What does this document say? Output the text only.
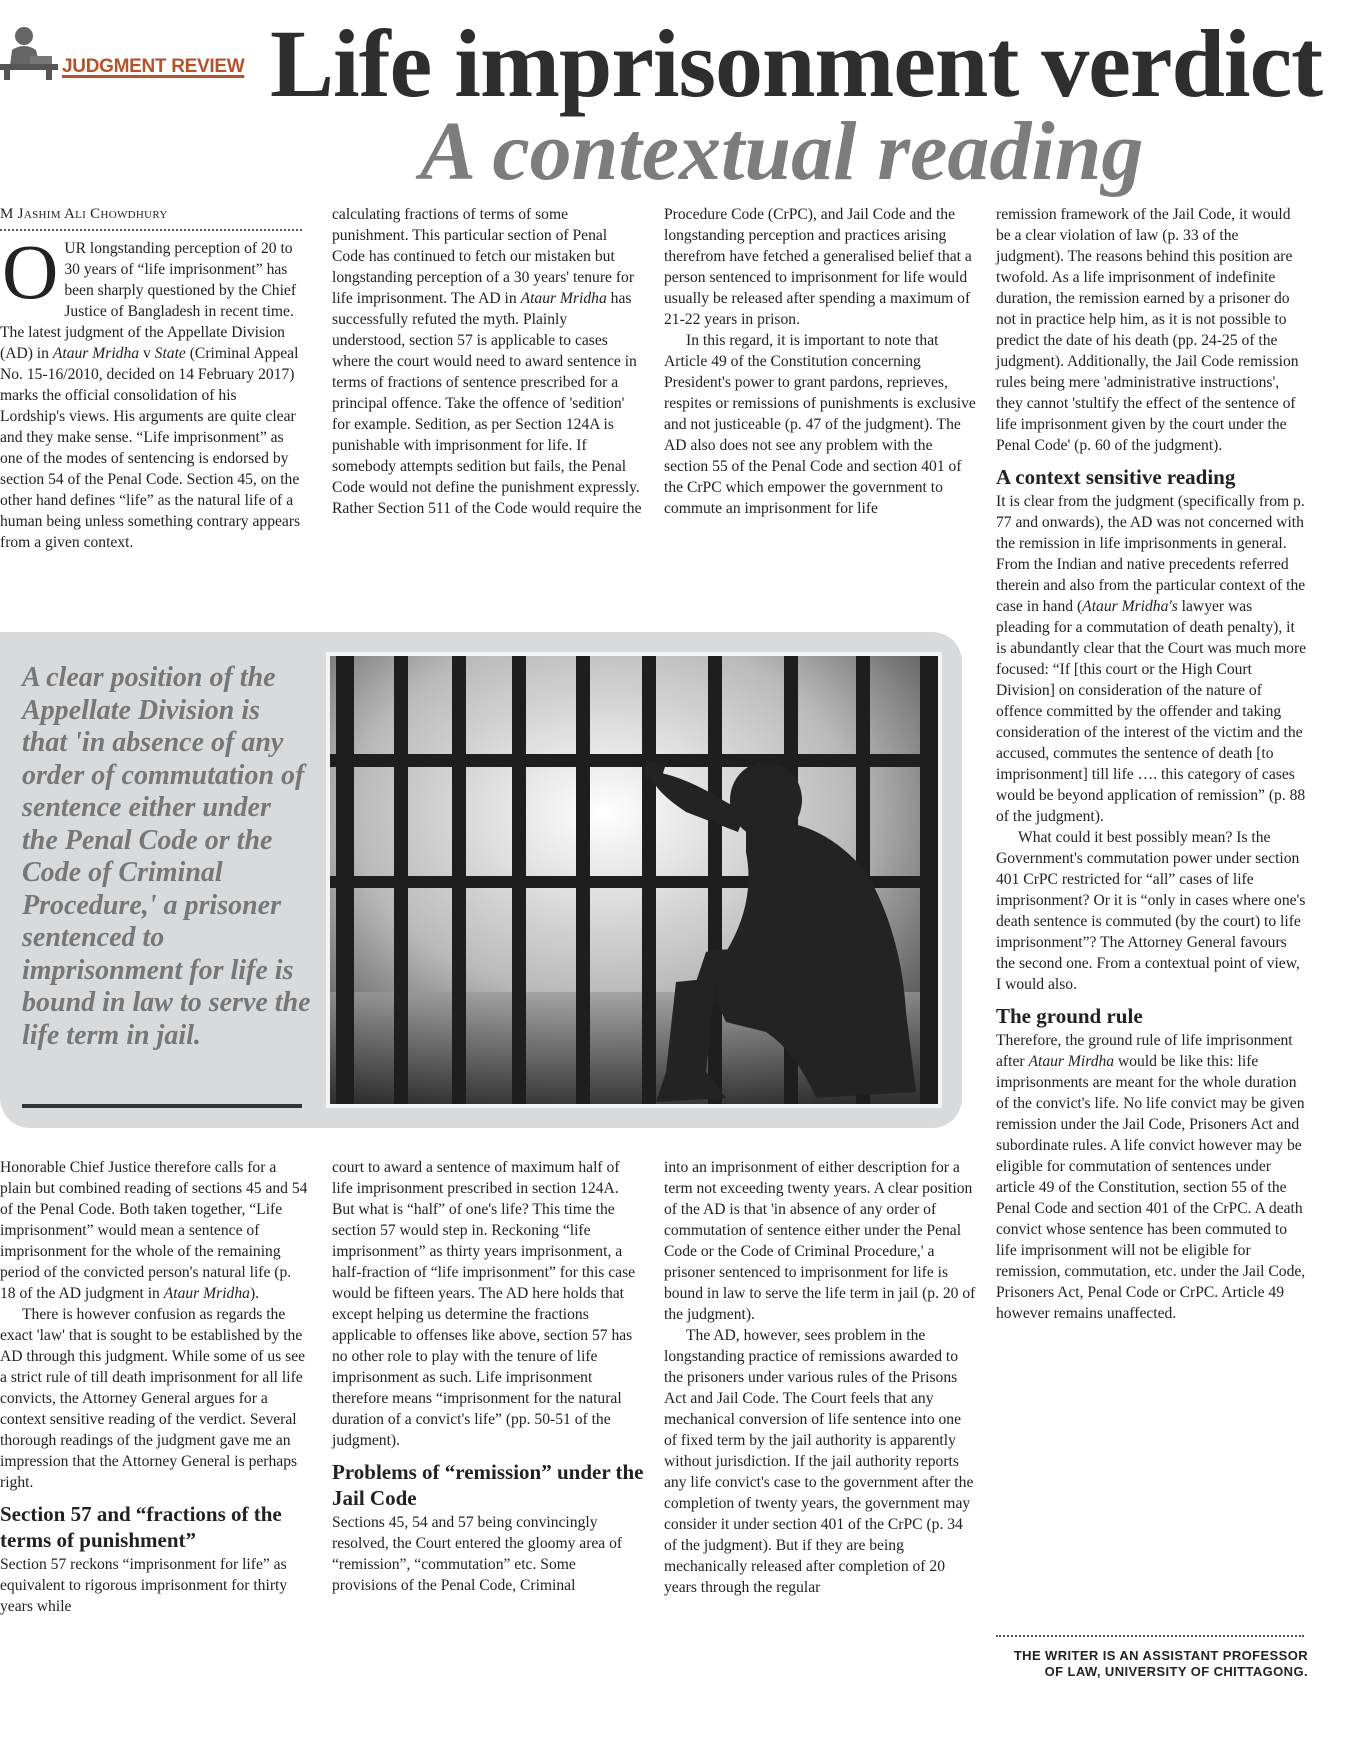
JUDGMENT REVIEW Life imprisonment verdict
A contextual reading
M Jashim Ali Chowdhury

OUR longstanding perception of 20 to 30 years of “life imprisonment” has been sharply questioned by the Chief Justice of Bangladesh in recent time. The latest judgment of the Appellate Division (AD) in Ataur Mridha v State (Criminal Appeal No. 15-16/2010, decided on 14 February 2017) marks the official consolidation of his Lordship's views. His arguments are quite clear and they make sense. “Life imprisonment” as one of the modes of sentencing is endorsed by section 54 of the Penal Code. Section 45, on the other hand defines “life” as the natural life of a human being unless something contrary appears from a given context.

calculating fractions of terms of some punishment. This particular section of Penal Code has continued to fetch our mistaken but longstanding perception of a 30 years' tenure for life imprisonment. The AD in Ataur Mridha has successfully refuted the myth. Plainly understood, section 57 is applicable to cases where the court would need to award sentence in terms of fractions of sentence prescribed for a principal offence. Take the offence of 'sedition' for example. Sedition, as per Section 124A is punishable with imprisonment for life. If somebody attempts sedition but fails, the Penal Code would not define the punishment expressly. Rather Section 511 of the Code would require the

Procedure Code (CrPC), and Jail Code and the longstanding perception and practices arising therefrom have fetched a generalised belief that a person sentenced to imprisonment for life would usually be released after spending a maximum of 21-22 years in prison.

In this regard, it is important to note that Article 49 of the Constitution concerning President's power to grant pardons, reprieves, respites or remissions of punishments is exclusive and not justiceable (p. 47 of the judgment). The AD also does not see any problem with the section 55 of the Penal Code and section 401 of the CrPC which empower the government to commute an imprisonment for life

A clear position of the Appellate Division is that 'in absence of any order of commutation of sentence either under the Penal Code or the Code of Criminal Procedure,' a prisoner sentenced to imprisonment for life is bound in law to serve the life term in jail.

remission framework of the Jail Code, it would be a clear violation of law (p. 33 of the judgment). The reasons behind this position are twofold. As a life imprisonment of indefinite duration, the remission earned by a prisoner do not in practice help him, as it is not possible to predict the date of his death (pp. 24-25 of the judgment). Additionally, the Jail Code remission rules being mere 'administrative instructions', they cannot 'stultify the effect of the sentence of life imprisonment given by the court under the Penal Code' (p. 60 of the judgment).

A context sensitive reading

It is clear from the judgment (specifically from p. 77 and onwards), the AD was not concerned with the remission in life imprisonments in general. From the Indian and native precedents referred therein and also from the particular context of the case in hand (Ataur Mridha's lawyer was pleading for a commutation of death penalty), it is abundantly clear that the Court was much more focused: “If [this court or the High Court Division] on consideration of the nature of offence committed by the offender and taking consideration of the interest of the victim and the accused, commutes the sentence of death [to imprisonment] till life …. this category of cases would be beyond application of remission” (p. 88 of the judgment).

What could it best possibly mean? Is the Government's commutation power under section 401 CrPC restricted for “all” cases of life imprisonment? Or it is “only in cases where one's death sentence is commuted (by the court) to life imprisonment”? The Attorney General favours the second one. From a contextual point of view, I would also.

The ground rule

Therefore, the ground rule of life imprisonment after Ataur Mirdha would be like this: life imprisonments are meant for the whole duration of the convict's life. No life convict may be given remission under the Jail Code, Prisoners Act and subordinate rules. A life convict however may be eligible for commutation of sentences under article 49 of the Constitution, section 55 of the Penal Code and section 401 of the CrPC. A death convict whose sentence has been commuted to life imprisonment will not be eligible for remission, commutation, etc. under the Jail Code, Prisoners Act, Penal Code or CrPC. Article 49 however remains unaffected.

THE WRITER IS AN ASSISTANT PROFESSOR OF LAW, UNIVERSITY OF CHITTAGONG.

Honorable Chief Justice therefore calls for a plain but combined reading of sections 45 and 54 of the Penal Code. Both taken together, “Life imprisonment” would mean a sentence of imprisonment for the whole of the remaining period of the convicted person's natural life (p. 18 of the AD judgment in Ataur Mridha).

There is however confusion as regards the exact 'law' that is sought to be established by the AD through this judgment. While some of us see a strict rule of till death imprisonment for all life convicts, the Attorney General argues for a context sensitive reading of the verdict. Several thorough readings of the judgment gave me an impression that the Attorney General is perhaps right.

Section 57 and “fractions of the terms of punishment”

Section 57 reckons “imprisonment for life” as equivalent to rigorous imprisonment for thirty years while

court to award a sentence of maximum half of life imprisonment prescribed in section 124A. But what is “half” of one's life? This time the section 57 would step in. Reckoning “life imprisonment” as thirty years imprisonment, a half-fraction of “life imprisonment” for this case would be fifteen years. The AD here holds that except helping us determine the fractions applicable to offenses like above, section 57 has no other role to play with the tenure of life imprisonment as such. Life imprisonment therefore means “imprisonment for the natural duration of a convict's life” (pp. 50-51 of the judgment).

Problems of “remission” under the Jail Code

Sections 45, 54 and 57 being convincingly resolved, the Court entered the gloomy area of “remission”, “commutation” etc. Some provisions of the Penal Code, Criminal

into an imprisonment of either description for a term not exceeding twenty years. A clear position of the AD is that 'in absence of any order of commutation of sentence either under the Penal Code or the Code of Criminal Procedure,' a prisoner sentenced to imprisonment for life is bound in law to serve the life term in jail (p. 20 of the judgment).

The AD, however, sees problem in the longstanding practice of remissions awarded to the prisoners under various rules of the Prisons Act and Jail Code. The Court feels that any mechanical conversion of life sentence into one of fixed term by the jail authority is apparently without jurisdiction. If the jail authority reports any life convict's case to the government after the completion of twenty years, the government may consider it under section 401 of the CrPC (p. 34 of the judgment). But if they are being mechanically released after completion of 20 years through the regular
